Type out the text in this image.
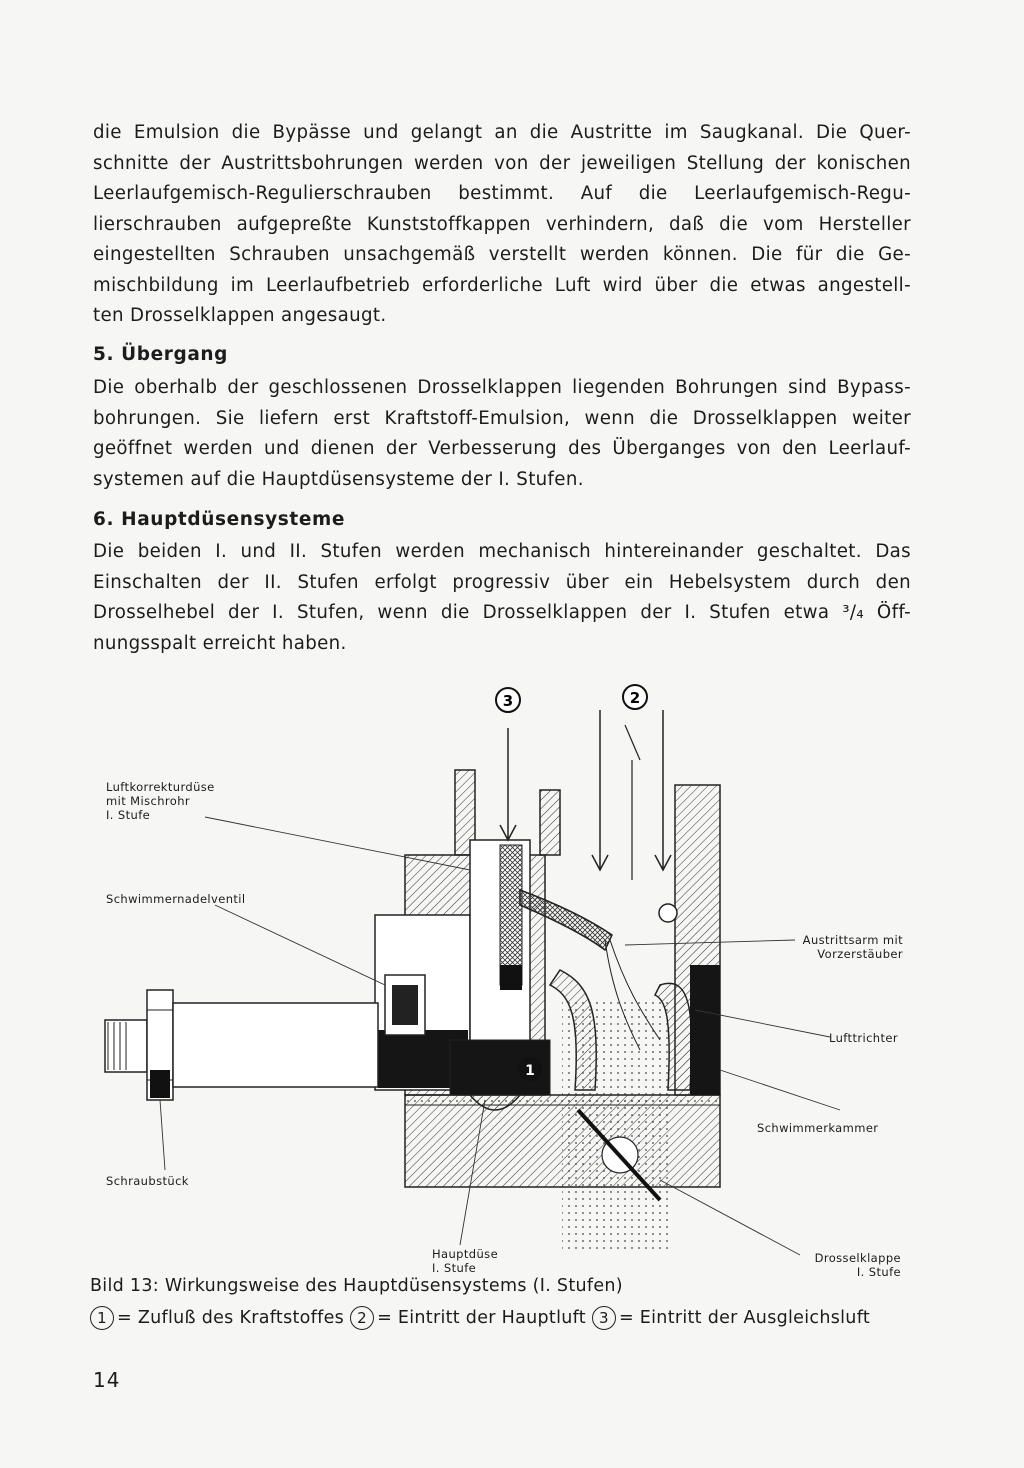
die Emulsion die Bypässe und gelangt an die Austritte im Saugkanal. Die Quer-
schnitte der Austrittsbohrungen werden von der jeweiligen Stellung der konischen
Leerlaufgemisch-Regulierschrauben bestimmt. Auf die Leerlaufgemisch-Regu-
lierschrauben aufgepreßte Kunststoffkappen verhindern, daß die vom Hersteller
eingestellten Schrauben unsachgemäß verstellt werden können. Die für die Ge-
mischbildung im Leerlaufbetrieb erforderliche Luft wird über die etwas angestell-
ten Drosselklappen angesaugt.
5. Übergang
Die oberhalb der geschlossenen Drosselklappen liegenden Bohrungen sind Bypass-
bohrungen. Sie liefern erst Kraftstoff-Emulsion, wenn die Drosselklappen weiter
geöffnet werden und dienen der Verbesserung des Überganges von den Leerlauf-
systemen auf die Hauptdüsensysteme der I. Stufen.
6. Hauptdüsensysteme
Die beiden I. und II. Stufen werden mechanisch hintereinander geschaltet. Das
Einschalten der II. Stufen erfolgt progressiv über ein Hebelsystem durch den
Drosselhebel der I. Stufen, wenn die Drosselklappen der I. Stufen etwa ³/₄ Öff-
nungsspalt erreicht haben.
3	2
1
Luftkorrekturdüse
mit Mischrohr
I. Stufe
Schwimmernadelventil
Schraubstück
Hauptdüse
I. Stufe
Austrittsarm mit
Vorzerstäuber
Lufttrichter
Schwimmerkammer
Drosselklappe
I. Stufe

Bild 13: Wirkungsweise des Hauptdüsensystems (I. Stufen)

1 = Zufluß des Kraftstoffes 2 = Eintritt der Hauptluft 3 = Eintritt der Ausgleichsluft
14
